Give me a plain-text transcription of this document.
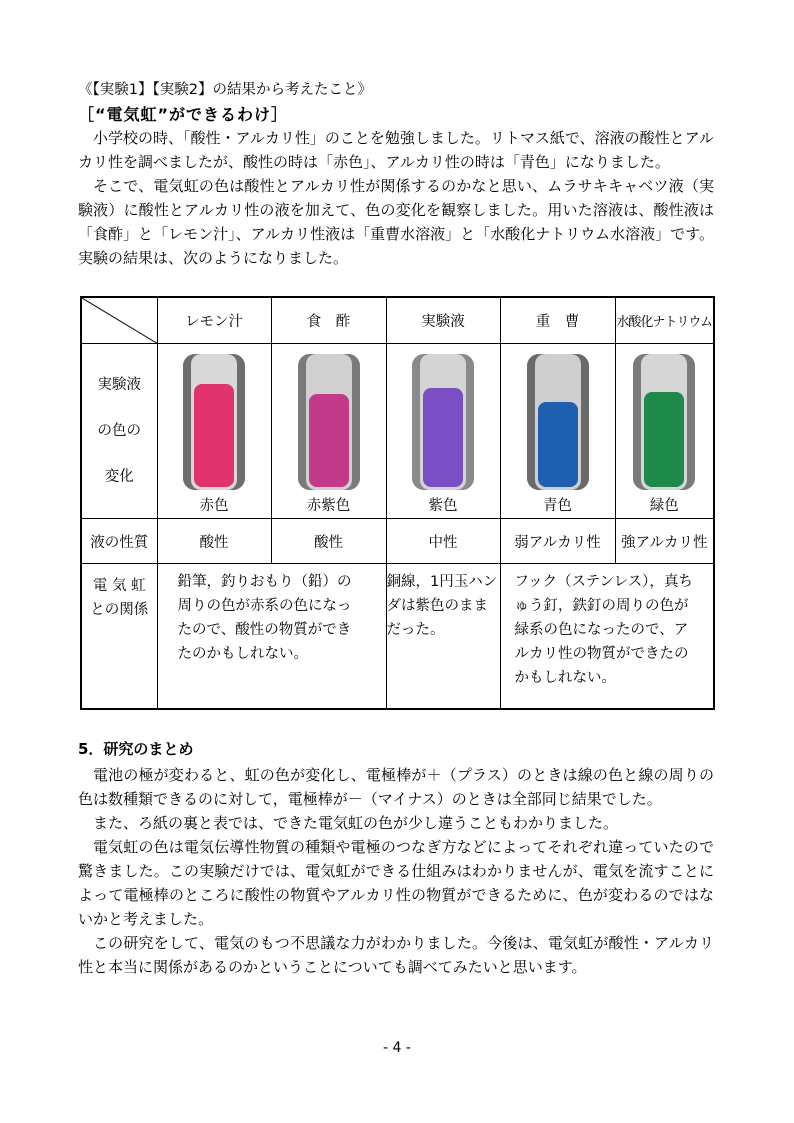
《【実験1】【実験2】の結果から考えたこと》
［“電気虹”ができるわけ］

小学校の時、「酸性・アルカリ性」のことを勉強しました。リトマス紙で、溶液の酸性とアルカリ性を調べましたが、酸性の時は「赤色」、アルカリ性の時は「青色」になりました。

そこで、電気虹の色は酸性とアルカリ性が関係するのかなと思い、ムラサキキャベツ液（実験液）に酸性とアルカリ性の液を加えて、色の変化を観察しました。用いた溶液は、酸性液は「食酢」と「レモン汁」、アルカリ性液は「重曹水溶液」と「水酸化ナトリウム水溶液」です。実験の結果は、次のようになりました。

	レモン汁	食　酢	実験液	重　曹	水酸化ナトリウム

実験液
の色の
変化	赤色	赤紫色	紫色	青色	緑色

液の性質	酸性	酸性	中性	弱アルカリ性	強アルカリ性

電 気 虹
との関係	鉛筆，釣りおもり（鉛）の周りの色が赤系の色になったので、酸性の物質ができたのかもしれない。		銅線，1円玉ハンダは紫色のままだった。	フック（ステンレス），真ちゅう釘，鉄釘の周りの色が緑系の色になったので、アルカリ性の物質ができたのかもしれない。	
5．研究のまとめ

電池の極が変わると、虹の色が変化し、電極棒が＋（プラス）のときは線の色と線の周りの色は数種類できるのに対して，電極棒が－（マイナス）のときは全部同じ結果でした。

また、ろ紙の裏と表では、できた電気虹の色が少し違うこともわかりました。

電気虹の色は電気伝導性物質の種類や電極のつなぎ方などによってそれぞれ違っていたので驚きました。この実験だけでは、電気虹ができる仕組みはわかりませんが、電気を流すことによって電極棒のところに酸性の物質やアルカリ性の物質ができるために、色が変わるのではないかと考えました。

この研究をして、電気のもつ不思議な力がわかりました。今後は、電気虹が酸性・アルカリ性と本当に関係があるのかということについても調べてみたいと思います。

- 4 -
